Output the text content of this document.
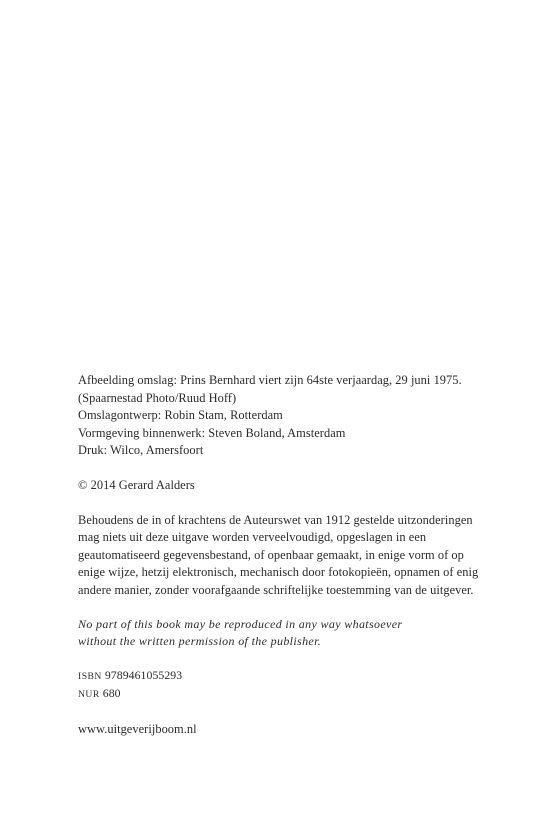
Afbeelding omslag: Prins Bernhard viert zijn 64ste verjaardag, 29 juni 1975.
(Spaarnestad Photo/Ruud Hoff)
Omslagontwerp: Robin Stam, Rotterdam
Vormgeving binnenwerk: Steven Boland, Amsterdam
Druk: Wilco, Amersfoort
© 2014 Gerard Aalders
Behoudens de in of krachtens de Auteurswet van 1912 gestelde uitzonderingen
mag niets uit deze uitgave worden verveelvoudigd, opgeslagen in een
geautomatiseerd gegevensbestand, of openbaar gemaakt, in enige vorm of op
enige wijze, hetzij elektronisch, mechanisch door fotokopieën, opnamen of enig
andere manier, zonder voorafgaande schriftelijke toestemming van de uitgever.
No part of this book may be reproduced in any way whatsoever
without the written permission of the publisher.
ISBN 9789461055293
NUR 680
www.uitgeverijboom.nl
